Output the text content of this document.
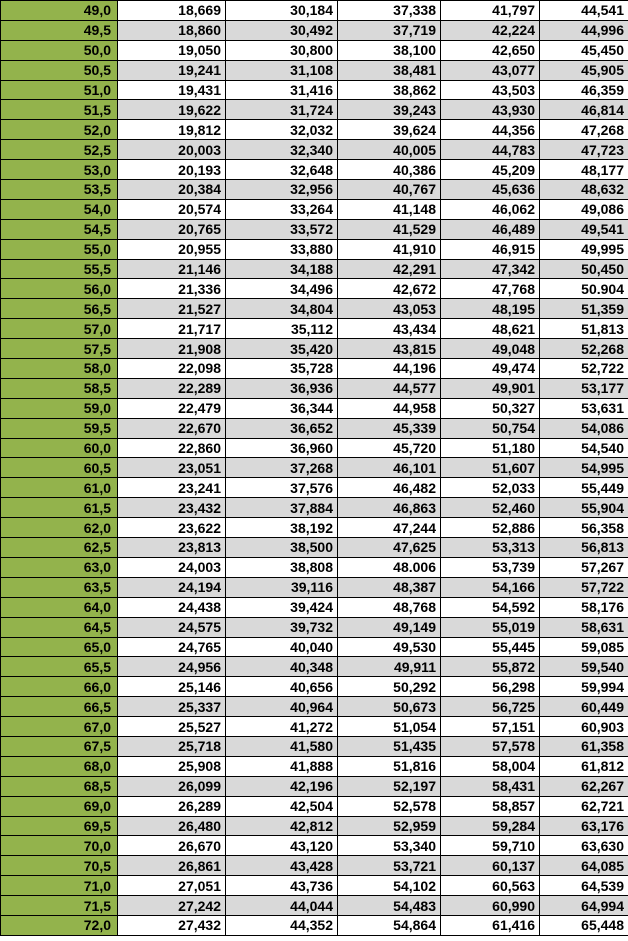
49,0	18,669	30,184	37,338	41,797	44,541
49,5	18,860	30,492	37,719	42,224	44,996
50,0	19,050	30,800	38,100	42,650	45,450
50,5	19,241	31,108	38,481	43,077	45,905
51,0	19,431	31,416	38,862	43,503	46,359
51,5	19,622	31,724	39,243	43,930	46,814
52,0	19,812	32,032	39,624	44,356	47,268
52,5	20,003	32,340	40,005	44,783	47,723
53,0	20,193	32,648	40,386	45,209	48,177
53,5	20,384	32,956	40,767	45,636	48,632
54,0	20,574	33,264	41,148	46,062	49,086
54,5	20,765	33,572	41,529	46,489	49,541
55,0	20,955	33,880	41,910	46,915	49,995
55,5	21,146	34,188	42,291	47,342	50,450
56,0	21,336	34,496	42,672	47,768	50.904
56,5	21,527	34,804	43,053	48,195	51,359
57,0	21,717	35,112	43,434	48,621	51,813
57,5	21,908	35,420	43,815	49,048	52,268
58,0	22,098	35,728	44,196	49,474	52,722
58,5	22,289	36,936	44,577	49,901	53,177
59,0	22,479	36,344	44,958	50,327	53,631
59,5	22,670	36,652	45,339	50,754	54,086
60,0	22,860	36,960	45,720	51,180	54,540
60,5	23,051	37,268	46,101	51,607	54,995
61,0	23,241	37,576	46,482	52,033	55,449
61,5	23,432	37,884	46,863	52,460	55,904
62,0	23,622	38,192	47,244	52,886	56,358
62,5	23,813	38,500	47,625	53,313	56,813
63,0	24,003	38,808	48.006	53,739	57,267
63,5	24,194	39,116	48,387	54,166	57,722
64,0	24,438	39,424	48,768	54,592	58,176
64,5	24,575	39,732	49,149	55,019	58,631
65,0	24,765	40,040	49,530	55,445	59,085
65,5	24,956	40,348	49,911	55,872	59,540
66,0	25,146	40,656	50,292	56,298	59,994
66,5	25,337	40,964	50,673	56,725	60,449
67,0	25,527	41,272	51,054	57,151	60,903
67,5	25,718	41,580	51,435	57,578	61,358
68,0	25,908	41,888	51,816	58,004	61,812
68,5	26,099	42,196	52,197	58,431	62,267
69,0	26,289	42,504	52,578	58,857	62,721
69,5	26,480	42,812	52,959	59,284	63,176
70,0	26,670	43,120	53,340	59,710	63,630
70,5	26,861	43,428	53,721	60,137	64,085
71,0	27,051	43,736	54,102	60,563	64,539
71,5	27,242	44,044	54,483	60,990	64,994
72,0	27,432	44,352	54,864	61,416	65,448
